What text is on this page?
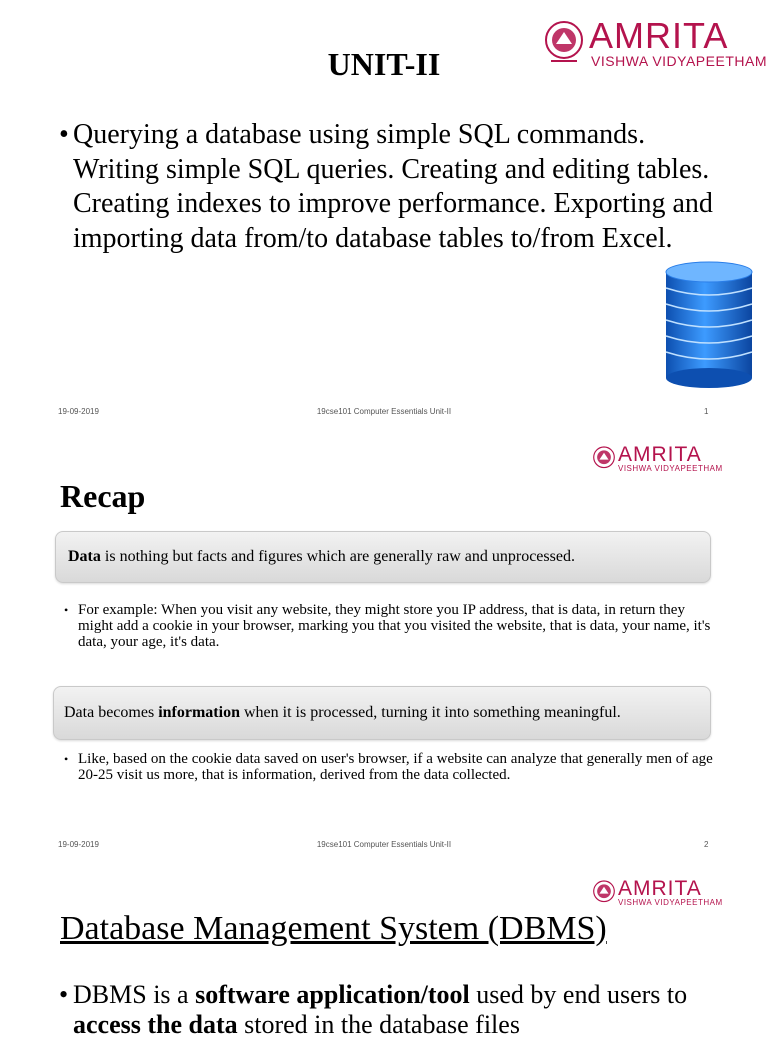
AMRITA
VISHWA VIDYAPEETHAM
UNIT-II
• Querying a database using simple SQL commands. Writing simple SQL queries. Creating and editing tables. Creating indexes to improve performance. Exporting and importing data from/to database tables to/from Excel.
19-09-2019	19cse101 Computer Essentials Unit-II	1
AMRITA
VISHWA VIDYAPEETHAM
Recap
Data is nothing but facts and figures which are generally raw and unprocessed.
• For example: When you visit any website, they might store you IP address, that is data, in return they might add a cookie in your browser, marking you that you visited the website, that is data, your name, it's data, your age, it's data.
Data becomes information when it is processed, turning it into something meaningful.
• Like, based on the cookie data saved on user's browser, if a website can analyze that generally men of age 20-25 visit us more, that is information, derived from the data collected.
19-09-2019	19cse101 Computer Essentials Unit-II	2
AMRITA
VISHWA VIDYAPEETHAM
Database Management System (DBMS)
• DBMS is a software application/tool used by end users to access the data stored in the database files
